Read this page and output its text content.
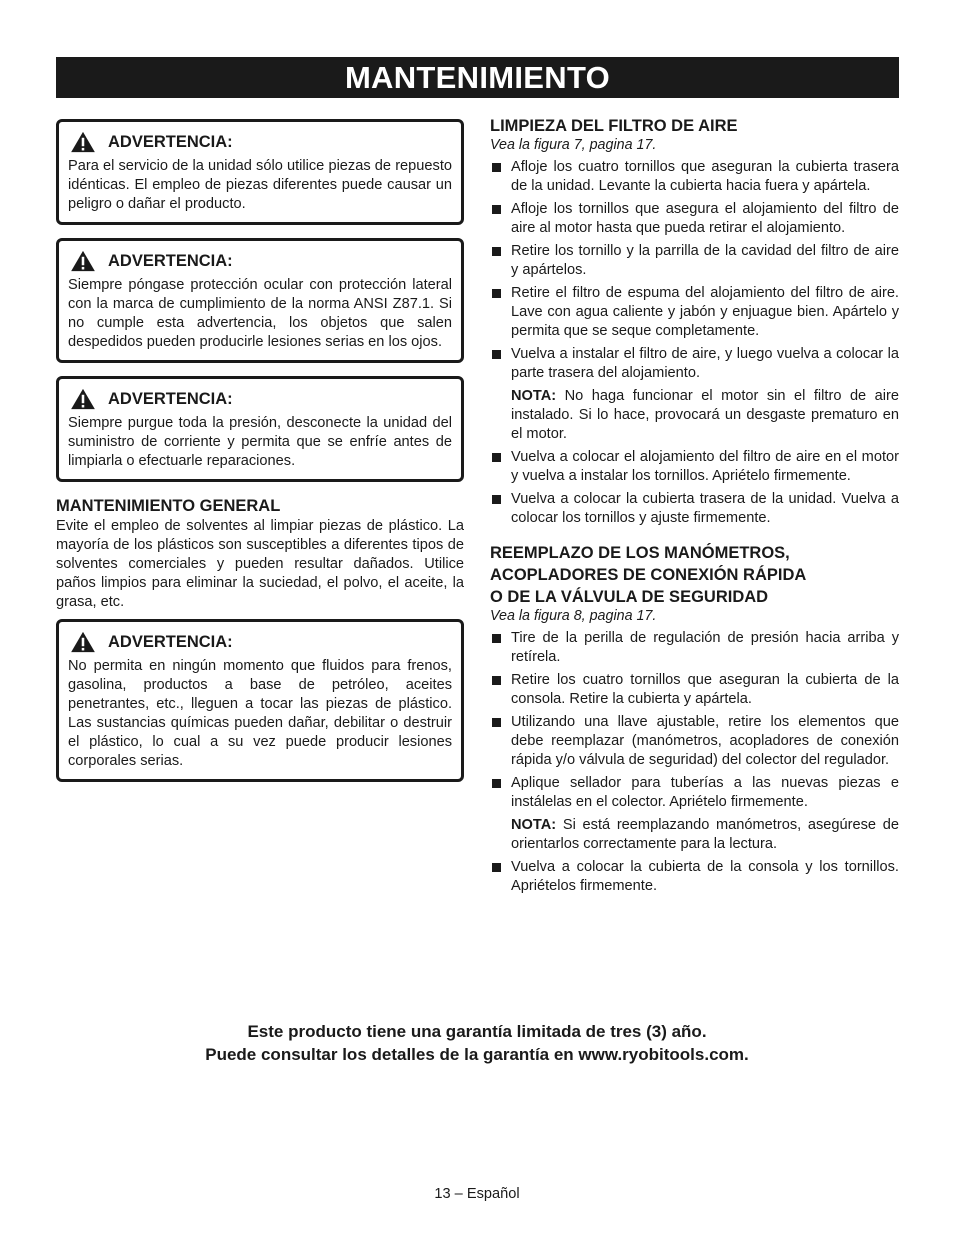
MANTENIMIENTO
ADVERTENCIA:
Para el servicio de la unidad sólo utilice piezas de repuesto idénticas. El empleo de piezas diferentes puede causar un peligro o dañar el producto.
ADVERTENCIA:
Siempre póngase protección ocular con protección lateral con la marca de cumplimiento de la norma ANSI Z87.1. Si no cumple esta advertencia, los objetos que salen despedidos pueden producirle lesiones serias en los ojos.
ADVERTENCIA:
Siempre purgue toda la presión, desconecte la unidad del suministro de corriente y permita que se enfríe antes de limpiarla o efectuarle reparaciones.
MANTENIMIENTO GENERAL
Evite el empleo de solventes al limpiar piezas de plástico. La mayoría de los plásticos son susceptibles a diferentes tipos de solventes comerciales y pueden resultar dañados. Utilice paños limpios para eliminar la suciedad, el polvo, el aceite, la grasa, etc.
ADVERTENCIA:
No permita en ningún momento que fluidos para frenos, gasolina, productos a base de petróleo, aceites penetrantes, etc., lleguen a tocar las piezas de plástico. Las sustancias químicas pueden dañar, debilitar o destruir el plástico, lo cual a su vez puede producir lesiones corporales serias.
LIMPIEZA DEL FILTRO DE AIRE
Vea la figura 7, pagina 17.
Afloje los cuatro tornillos que aseguran la cubierta trasera de la unidad. Levante la cubierta hacia fuera y apártela.
Afloje los tornillos que asegura el alojamiento del filtro de aire al motor hasta que pueda retirar el alojamiento.
Retire los tornillo y la parrilla de la cavidad del filtro de aire y apártelos.
Retire el filtro de espuma del alojamiento del filtro de aire. Lave con agua caliente y jabón y enjuague bien. Apártelo y permita que se seque completamente.
Vuelva a instalar el filtro de aire, y luego vuelva a colocar la parte trasera del alojamiento.
NOTA: No haga funcionar el motor sin el filtro de aire instalado. Si lo hace, provocará un desgaste prematuro en el motor.
Vuelva a colocar el alojamiento del filtro de aire en el motor y vuelva a instalar los tornillos. Apriételo firmemente.
Vuelva a colocar la cubierta trasera de la unidad. Vuelva a colocar los tornillos y ajuste firmemente.
REEMPLAZO DE LOS MANÓMETROS,
ACOPLADORES DE CONEXIÓN RÁPIDA
O DE LA VÁLVULA DE SEGURIDAD
Vea la figura 8, pagina 17.
Tire de la perilla de regulación de presión hacia arriba y retírela.
Retire los cuatro tornillos que aseguran la cubierta de la consola. Retire la cubierta y apártela.
Utilizando una llave ajustable, retire los elementos que debe reemplazar (manómetros, acopladores de conexión rápida y/o válvula de seguridad) del colector del regulador.
Aplique sellador para tuberías a las nuevas piezas e instálelas en el colector. Apriételo firmemente.
NOTA: Si está reemplazando manómetros, asegúrese de orientarlos correctamente para la lectura.
Vuelva a colocar la cubierta de la consola y los tornillos. Apriételos firmemente.
Este producto tiene una garantía limitada de tres (3) año.
Puede consultar los detalles de la garantía en www.ryobitools.com.
13 – Español
